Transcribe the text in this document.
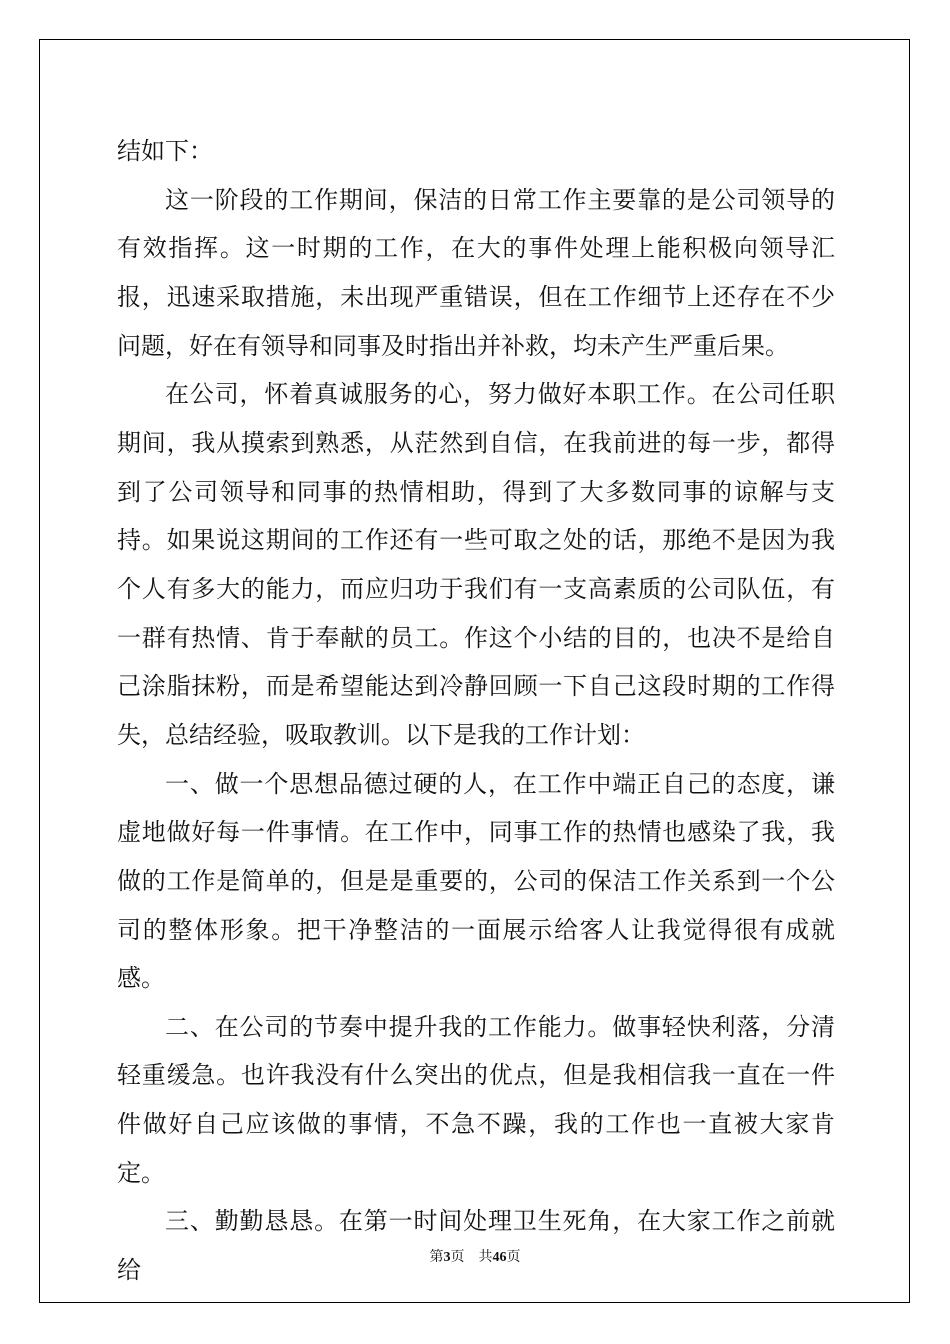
结如下：

这一阶段的工作期间，保洁的日常工作主要靠的是公司领导的有效指挥。这一时期的工作，在大的事件处理上能积极向领导汇报，迅速采取措施，未出现严重错误，但在工作细节上还存在不少问题，好在有领导和同事及时指出并补救，均未产生严重后果。

在公司，怀着真诚服务的心，努力做好本职工作。在公司任职期间，我从摸索到熟悉，从茫然到自信，在我前进的每一步，都得到了公司领导和同事的热情相助，得到了大多数同事的谅解与支持。如果说这期间的工作还有一些可取之处的话，那绝不是因为我个人有多大的能力，而应归功于我们有一支高素质的公司队伍，有一群有热情、肯于奉献的员工。作这个小结的目的，也决不是给自己涂脂抹粉，而是希望能达到冷静回顾一下自己这段时期的工作得失，总结经验，吸取教训。以下是我的工作计划：

一、做一个思想品德过硬的人，在工作中端正自己的态度，谦虚地做好每一件事情。在工作中，同事工作的热情也感染了我，我做的工作是简单的，但是是重要的，公司的保洁工作关系到一个公司的整体形象。把干净整洁的一面展示给客人让我觉得很有成就感。

二、在公司的节奏中提升我的工作能力。做事轻快利落，分清轻重缓急。也许我没有什么突出的优点，但是我相信我一直在一件件做好自己应该做的事情，不急不躁，我的工作也一直被大家肯定。

三、勤勤恳恳。在第一时间处理卫生死角，在大家工作之前就给	第3页 共46页
